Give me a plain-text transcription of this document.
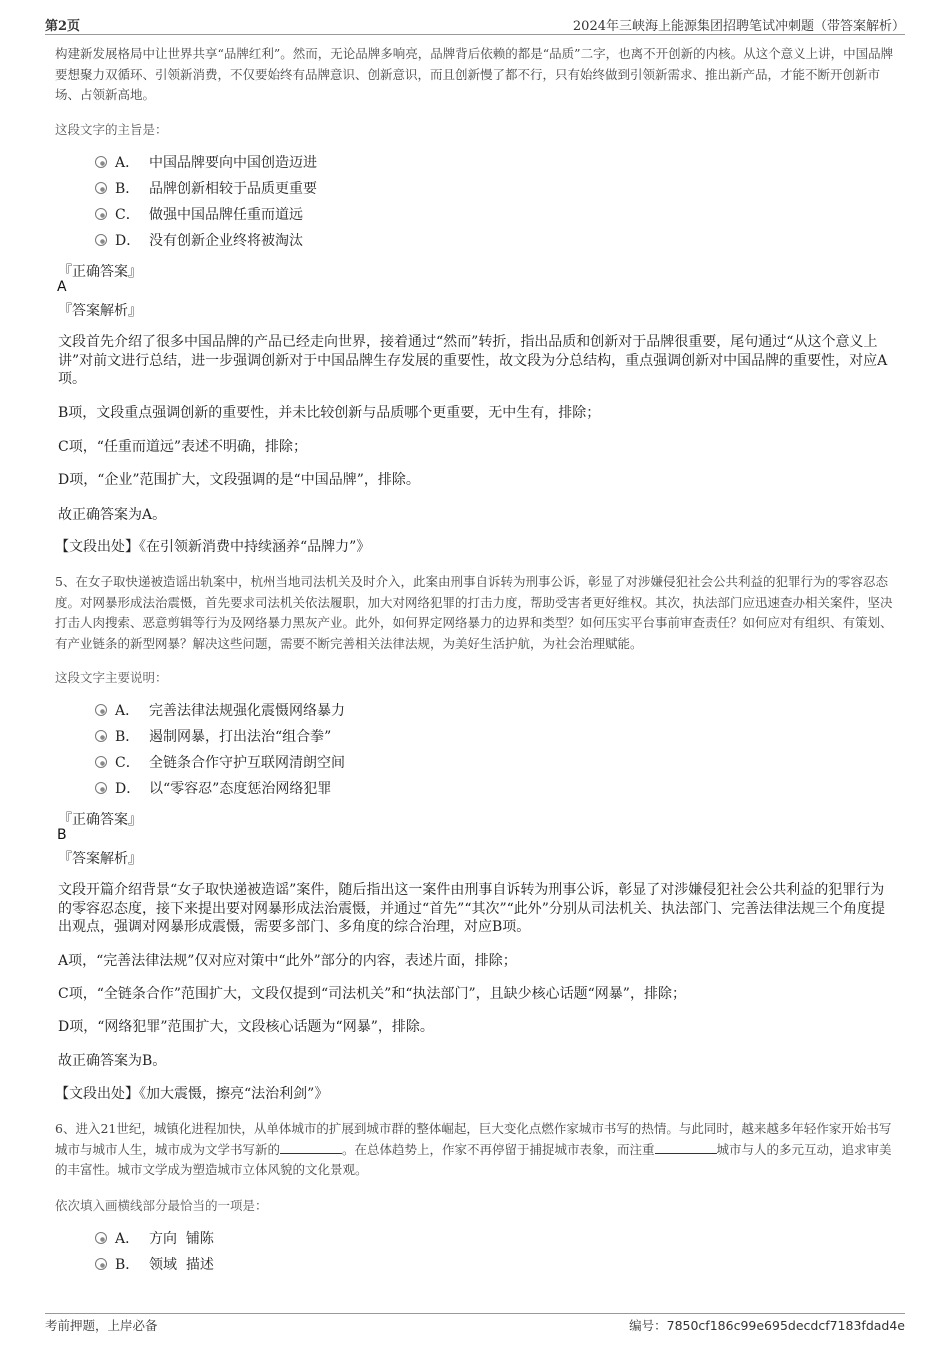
第2页	2024年三峡海上能源集团招聘笔试冲刺题（带答案解析）
构建新发展格局中让世界共享“品牌红利”。然而，无论品牌多响亮，品牌背后依赖的都是“品质”二字，也离不开创新的内核。从这个意义上讲，中国品牌要想聚力双循环、引领新消费，不仅要始终有品牌意识、创新意识，而且创新慢了都不行，只有始终做到引领新需求、推出新产品，才能不断开创新市场、占领新高地。
这段文字的主旨是：
A． 中国品牌要向中国创造迈进
B． 品牌创新相较于品质更重要
C． 做强中国品牌任重而道远
D． 没有创新企业终将被淘汰
『正确答案』
A
『答案解析』
文段首先介绍了很多中国品牌的产品已经走向世界，接着通过“然而”转折，指出品质和创新对于品牌很重要，尾句通过“从这个意义上讲”对前文进行总结，进一步强调创新对于中国品牌生存发展的重要性，故文段为分总结构，重点强调创新对中国品牌的重要性，对应A项。
B项，文段重点强调创新的重要性，并未比较创新与品质哪个更重要，无中生有，排除；
C项，“任重而道远”表述不明确，排除；
D项，“企业”范围扩大，文段强调的是“中国品牌”，排除。
故正确答案为A。
【文段出处】《在引领新消费中持续涵养“品牌力”》
5、在女子取快递被造谣出轨案中，杭州当地司法机关及时介入，此案由刑事自诉转为刑事公诉，彰显了对涉嫌侵犯社会公共利益的犯罪行为的零容忍态度。对网暴形成法治震慑，首先要求司法机关依法履职，加大对网络犯罪的打击力度，帮助受害者更好维权。其次，执法部门应迅速查办相关案件，坚决打击人肉搜索、恶意剪辑等行为及网络暴力黑灰产业。此外，如何界定网络暴力的边界和类型？如何压实平台事前审查责任？如何应对有组织、有策划、有产业链条的新型网暴？解决这些问题，需要不断完善相关法律法规，为美好生活护航，为社会治理赋能。
这段文字主要说明：
A． 完善法律法规强化震慑网络暴力
B． 遏制网暴，打出法治“组合拳”
C． 全链条合作守护互联网清朗空间
D． 以“零容忍”态度惩治网络犯罪
『正确答案』
B
『答案解析』
文段开篇介绍背景“女子取快递被造谣”案件，随后指出这一案件由刑事自诉转为刑事公诉，彰显了对涉嫌侵犯社会公共利益的犯罪行为的零容忍态度，接下来提出要对网暴形成法治震慑，并通过“首先”“其次”“此外”分别从司法机关、执法部门、完善法律法规三个角度提出观点，强调对网暴形成震慑，需要多部门、多角度的综合治理，对应B项。
A项，“完善法律法规”仅对应对策中“此外”部分的内容，表述片面，排除；
C项，“全链条合作”范围扩大，文段仅提到“司法机关”和“执法部门”，且缺少核心话题“网暴”，排除；
D项，“网络犯罪”范围扩大，文段核心话题为“网暴”，排除。
故正确答案为B。
【文段出处】《加大震慑，擦亮“法治利剑”》
6、进入21世纪，城镇化进程加快，从单体城市的扩展到城市群的整体崛起，巨大变化点燃作家城市书写的热情。与此同时，越来越多年轻作家开始书写城市与城市人生，城市成为文学书写新的	。在总体趋势上，作家不再停留于捕捉城市表象，而注重	城市与人的多元互动，追求审美的丰富性。城市文学成为塑造城市立体风貌的文化景观。
依次填入画横线部分最恰当的一项是：
A． 方向  铺陈
B． 领域  描述
考前押题，上岸必备	编号：7850cf186c99e695decdcf7183fdad4e
